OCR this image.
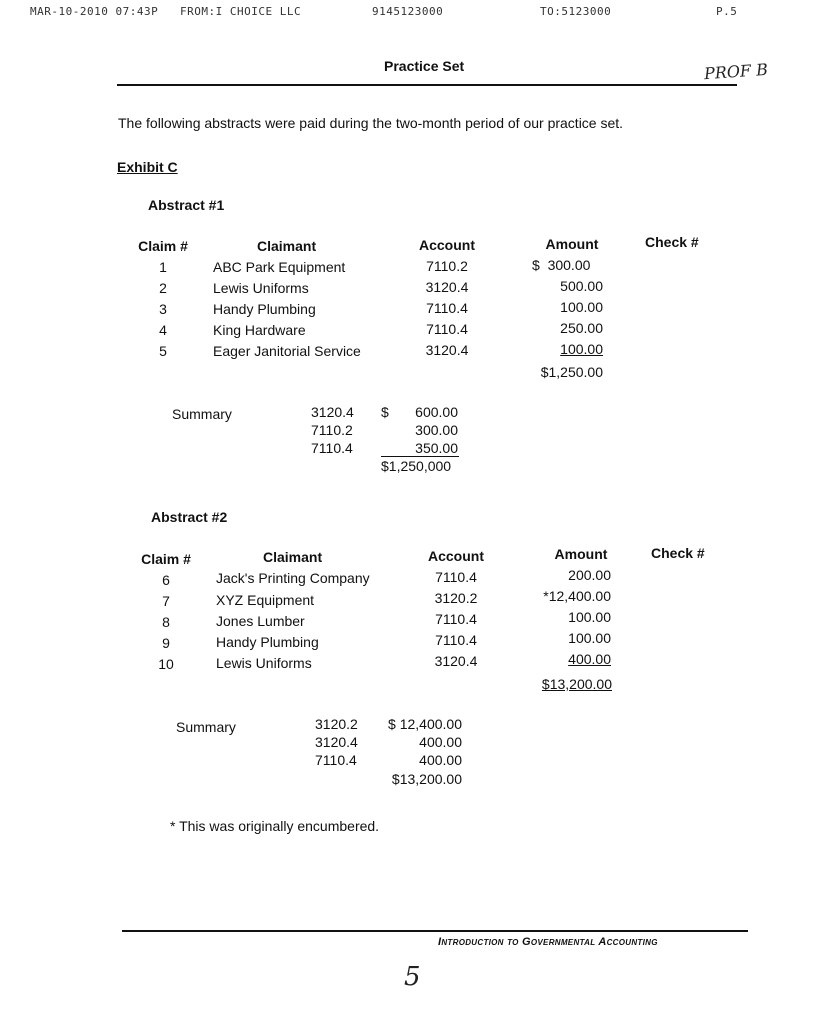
MAR-10-2010 07:43P FROM:I CHOICE LLC	9145123000	TO:5123000	P.5
Practice Set	PROF B
The following abstracts were paid during the two-month period of our practice set.
Exhibit C
Abstract #1
Claim #	Claimant	Account	Amount	Check #
1	ABC Park Equipment	7110.2	$  300.00
2	Lewis Uniforms	3120.4	500.00
3	Handy Plumbing	7110.4	100.00
4	King Hardware	7110.4	250.00
5	Eager Janitorial Service	3120.4	100.00
$1,250.00
Summary	3120.4 $	600.00
7110.2	300.00
7110.4	350.00
$1,250,000
Abstract #2
Claim #	Claimant	Account	Amount	Check #
6	Jack's Printing Company	7110.4	200.00
7	XYZ Equipment	3120.2	*12,400.00
8	Jones Lumber	7110.4	100.00
9	Handy Plumbing	7110.4	100.00
10	Lewis Uniforms	3120.4	400.00
$13,200.00
Summary	3120.2	$ 12,400.00
3120.4	400.00
7110.4	400.00
$13,200.00
* This was originally encumbered.
Introduction to Governmental Accounting
5
